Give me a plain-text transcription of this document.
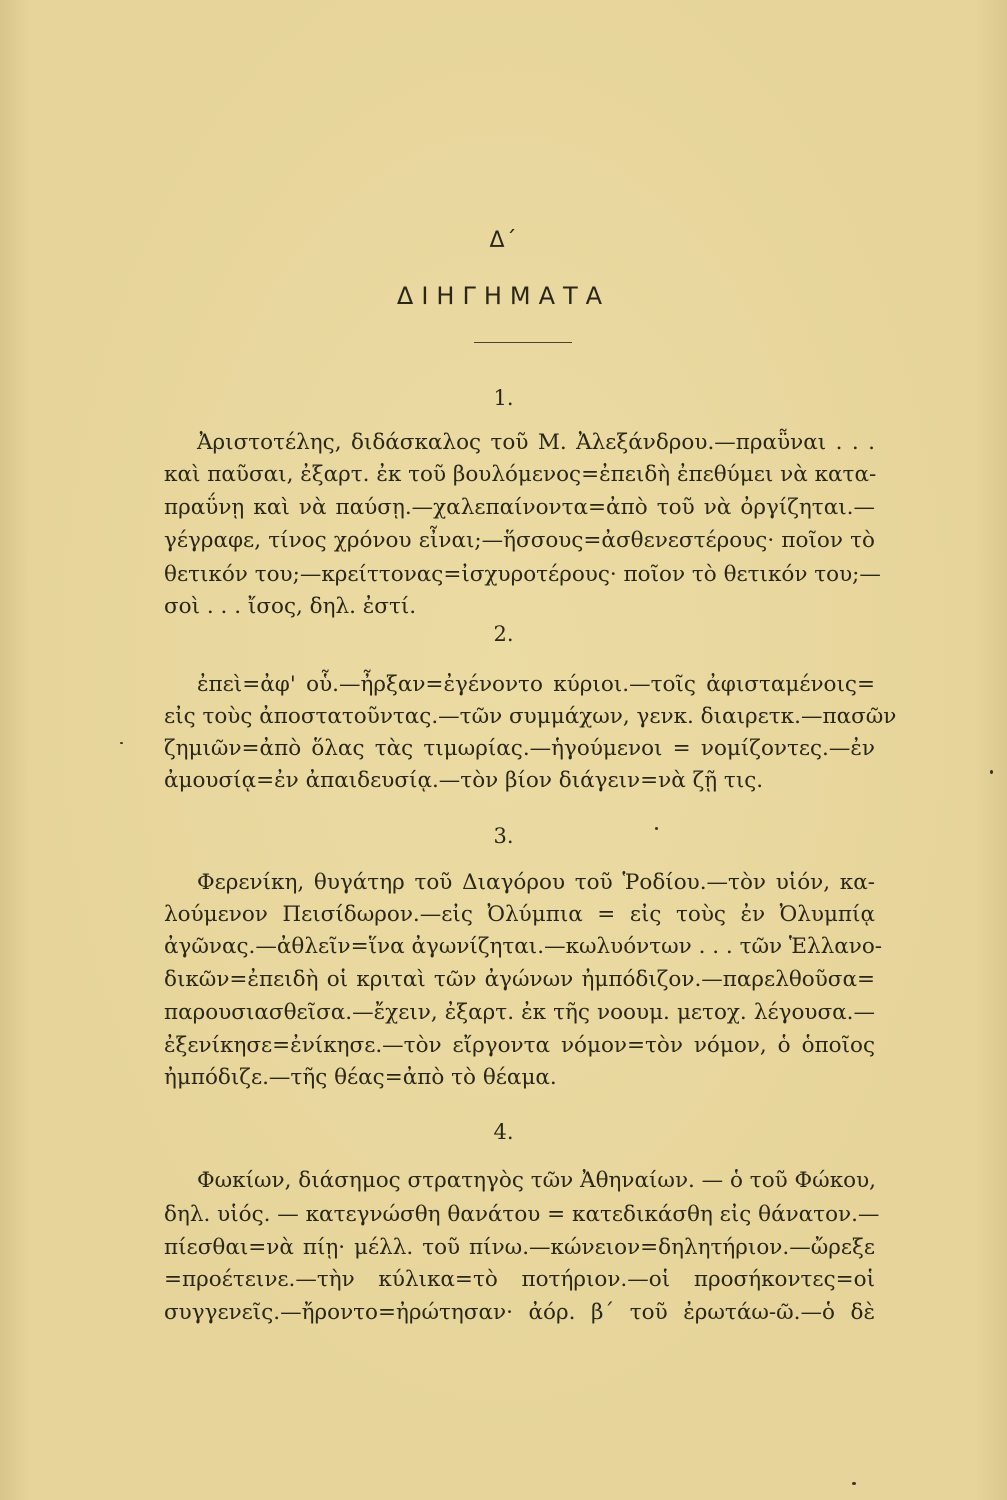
Δ΄
ΔΙΗΓΗΜΑΤΑ
1.
Ἀριστοτέλης, διδάσκαλος τοῦ Μ. Ἀλεξάνδρου.—πραῧναι . . .
καὶ παῦσαι, ἐξαρτ. ἐκ τοῦ βουλόμενος=ἐπειδὴ ἐπεθύμει νὰ κατα-
πραΰνῃ καὶ νὰ παύσῃ.—χαλεπαίνοντα=ἀπὸ τοῦ νὰ ὀργίζηται.—
γέγραφε, τίνος χρόνου εἶναι;—ἥσσους=ἀσθενεστέρους· ποῖον τὸ
θετικόν του;—κρείττονας=ἰσχυροτέρους· ποῖον τὸ θετικόν του;—
σοὶ . . . ἴσος, δηλ. ἐστί.
2.
ἐπεὶ=ἀφ' οὗ.—ἦρξαν=ἐγένοντο κύριοι.—τοῖς ἀφισταμένοις=
εἰς τοὺς ἀποστατοῦντας.—τῶν συμμάχων, γενκ. διαιρετκ.—πασῶν
ζημιῶν=ἀπὸ ὅλας τὰς τιμωρίας.—ἡγούμενοι = νομίζοντες.—ἐν
ἀμουσίᾳ=ἐν ἀπαιδευσίᾳ.—τὸν βίον διάγειν=νὰ ζῇ τις.
3.
Φερενίκη, θυγάτηρ τοῦ Διαγόρου τοῦ Ῥοδίου.—τὸν υἱόν, κα-
λούμενον Πεισίδωρον.—εἰς Ὀλύμπια = εἰς τοὺς ἐν Ὀλυμπίᾳ
ἀγῶνας.—ἀθλεῖν=ἵνα ἀγωνίζηται.—κωλυόντων . . . τῶν Ἑλλανο-
δικῶν=ἐπειδὴ οἱ κριταὶ τῶν ἀγώνων ἠμπόδιζον.—παρελθοῦσα=
παρουσιασθεῖσα.—ἔχειν, ἐξαρτ. ἐκ τῆς νοουμ. μετοχ. λέγουσα.—
ἐξενίκησε=ἐνίκησε.—τὸν εἴργοντα νόμον=τὸν νόμον, ὁ ὁποῖος
ἠμπόδιζε.—τῆς θέας=ἀπὸ τὸ θέαμα.
4.
Φωκίων, διάσημος στρατηγὸς τῶν Ἀθηναίων. — ὁ τοῦ Φώκου,
δηλ. υἱός. — κατεγνώσθη θανάτου = κατεδικάσθη εἰς θάνατον.—
πίεσθαι=νὰ πίῃ· μέλλ. τοῦ πίνω.—κώνειον=δηλητήριον.—ὤρεξε
=προέτεινε.—τὴν κύλικα=τὸ ποτήριον.—οἱ προσήκοντες=οἱ
συγγενεῖς.—ἤροντο=ἠρώτησαν· ἀόρ. β΄ τοῦ ἐρωτάω-ῶ.—ὁ δὲ
